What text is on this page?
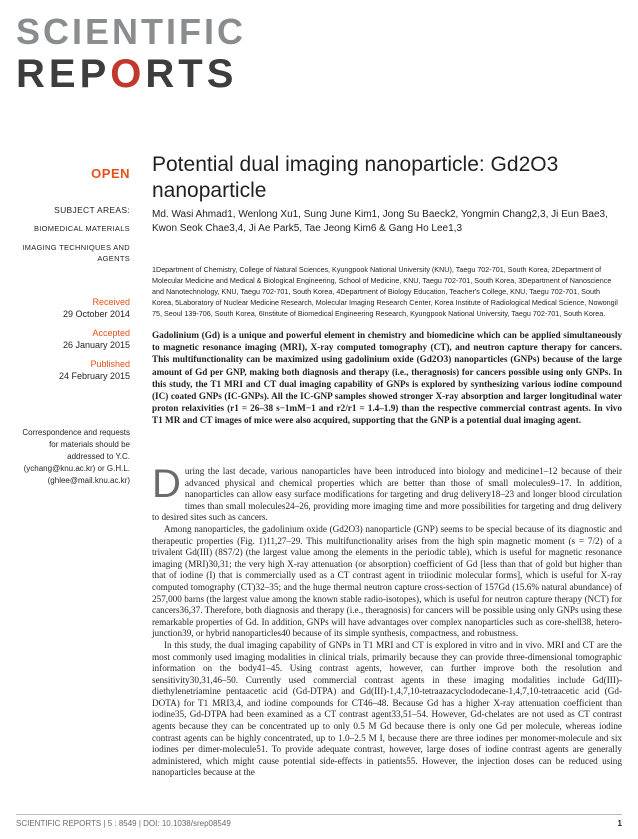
SCIENTIFIC
REPORTS
OPEN
SUBJECT AREAS:
BIOMEDICAL MATERIALS
IMAGING TECHNIQUES AND AGENTS

Received
29 October 2014

Accepted
26 January 2015

Published
24 February 2015

Correspondence and requests for materials should be addressed to Y.C. (ychang@knu.ac.kr) or G.H.L. (ghlee@mail.knu.ac.kr)
Potential dual imaging nanoparticle: Gd2O3 nanoparticle
Md. Wasi Ahmad1, Wenlong Xu1, Sung June Kim1, Jong Su Baeck2, Yongmin Chang2,3, Ji Eun Bae3, Kwon Seok Chae3,4, Ji Ae Park5, Tae Jeong Kim6 & Gang Ho Lee1,3
1Department of Chemistry, College of Natural Sciences, Kyungpook National University (KNU), Taegu 702-701, South Korea, 2Department of Molecular Medicine and Medical & Biological Engineering, School of Medicine, KNU, Taegu 702-701, South Korea, 3Department of Nanoscience and Nanotechnology, KNU, Taegu 702-701, South Korea, 4Department of Biology Education, Teacher's College, KNU, Taegu 702-701, South Korea, 5Laboratory of Nuclear Medicine Research, Molecular Imaging Research Center, Korea Institute of Radiological Medical Science, Nowongil 75, Seoul 139-706, South Korea, 6Institute of Biomedical Engineering Research, Kyungpook National University, Taegu 702-701, South Korea.
Gadolinium (Gd) is a unique and powerful element in chemistry and biomedicine which can be applied simultaneously to magnetic resonance imaging (MRI), X-ray computed tomography (CT), and neutron capture therapy for cancers. This multifunctionality can be maximized using gadolinium oxide (Gd2O3) nanoparticles (GNPs) because of the large amount of Gd per GNP, making both diagnosis and therapy (i.e., theragnosis) for cancers possible using only GNPs. In this study, the T1 MRI and CT dual imaging capability of GNPs is explored by synthesizing various iodine compound (IC) coated GNPs (IC-GNPs). All the IC-GNP samples showed stronger X-ray absorption and larger longitudinal water proton relaxivities (r1 = 26–38 s−1mM−1 and r2/r1 = 1.4–1.9) than the respective commercial contrast agents. In vivo T1 MR and CT images of mice were also acquired, supporting that the GNP is a potential dual imaging agent.

During the last decade, various nanoparticles have been introduced into biology and medicine1–12 because of their advanced physical and chemical properties which are better than those of small molecules9–17. In addition, nanoparticles can allow easy surface modifications for targeting and drug delivery18–23 and longer blood circulation times than small molecules24–26, providing more imaging time and more possibilities for targeting and drug delivery to desired sites such as cancers.

Among nanoparticles, the gadolinium oxide (Gd2O3) nanoparticle (GNP) seems to be special because of its diagnostic and therapeutic properties (Fig. 1)11,27–29. This multifunctionality arises from the high spin magnetic moment (s = 7/2) of a trivalent Gd(III) (8S7/2) (the largest value among the elements in the periodic table), which is useful for magnetic resonance imaging (MRI)30,31; the very high X-ray attenuation (or absorption) coefficient of Gd [less than that of gold but higher than that of iodine (I) that is commercially used as a CT contrast agent in triiodinic molecular forms], which is useful for X-ray computed tomography (CT)32–35; and the huge thermal neutron capture cross-section of 157Gd (15.6% natural abundance) of 257,000 barns (the largest value among the known stable radio-isotopes), which is useful for neutron capture therapy (NCT) for cancers36,37. Therefore, both diagnosis and therapy (i.e., theragnosis) for cancers will be possible using only GNPs using these remarkable properties of Gd. In addition, GNPs will have advantages over complex nanoparticles such as core-shell38, hetero-junction39, or hybrid nanoparticles40 because of its simple synthesis, compactness, and robustness.

In this study, the dual imaging capability of GNPs in T1 MRI and CT is explored in vitro and in vivo. MRI and CT are the most commonly used imaging modalities in clinical trials, primarily because they can provide three-dimensional tomographic information on the body41–45. Using contrast agents, however, can further improve both the resolution and sensitivity30,31,46–50. Currently used commercial contrast agents in these imaging modalities include Gd(III)-diethylenetriamine pentaacetic acid (Gd-DTPA) and Gd(III)-1,4,7,10-tetraazacyclododecane-1,4,7,10-tetraacetic acid (Gd-DOTA) for T1 MRI3,4, and iodine compounds for CT46–48. Because Gd has a higher X-ray attenuation coefficient than iodine35, Gd-DTPA had been examined as a CT contrast agent33,51–54. However, Gd-chelates are not used as CT contrast agents because they can be concentrated up to only 0.5 M Gd because there is only one Gd per molecule, whereas iodine contrast agents can be highly concentrated, up to 1.0–2.5 M I, because there are three iodines per monomer-molecule and six iodines per dimer-molecule51. To provide adequate contrast, however, large doses of iodine contrast agents are generally administered, which might cause potential side-effects in patients55. However, the injection doses can be reduced using nanoparticles because at the

SCIENTIFIC REPORTS | 5 : 8549 | DOI: 10.1038/srep08549	1
